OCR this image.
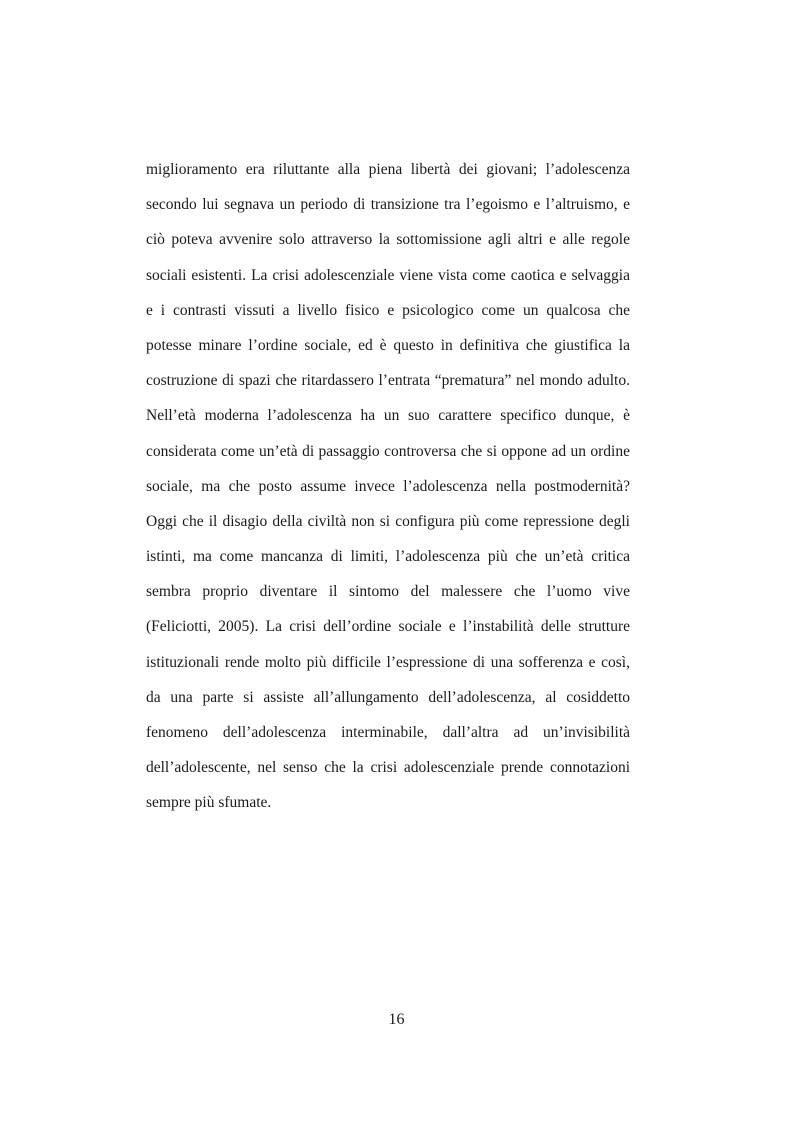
miglioramento era riluttante alla piena libertà dei giovani; l’adolescenza
secondo lui segnava un periodo di transizione tra l’egoismo e l’altruismo, e
ciò poteva avvenire solo attraverso la sottomissione agli altri e alle regole
sociali esistenti. La crisi adolescenziale viene vista come caotica e selvaggia
e i contrasti vissuti a livello fisico e psicologico come un qualcosa che
potesse minare l’ordine sociale, ed è questo in definitiva che giustifica la
costruzione di spazi che ritardassero l’entrata “prematura” nel mondo adulto.
Nell’età moderna l’adolescenza ha un suo carattere specifico dunque, è
considerata come un’età di passaggio controversa che si oppone ad un ordine
sociale, ma che posto assume invece l’adolescenza nella postmodernità?
Oggi che il disagio della civiltà non si configura più come repressione degli
istinti, ma come mancanza di limiti, l’adolescenza più che un’età critica
sembra proprio diventare il sintomo del malessere che l’uomo vive
(Feliciotti, 2005). La crisi dell’ordine sociale e l’instabilità delle strutture
istituzionali rende molto più difficile l’espressione di una sofferenza e così,
da una parte si assiste all’allungamento dell’adolescenza, al cosiddetto
fenomeno dell’adolescenza interminabile, dall’altra ad un’invisibilità
dell’adolescente, nel senso che la crisi adolescenziale prende connotazioni
sempre più sfumate.
16
